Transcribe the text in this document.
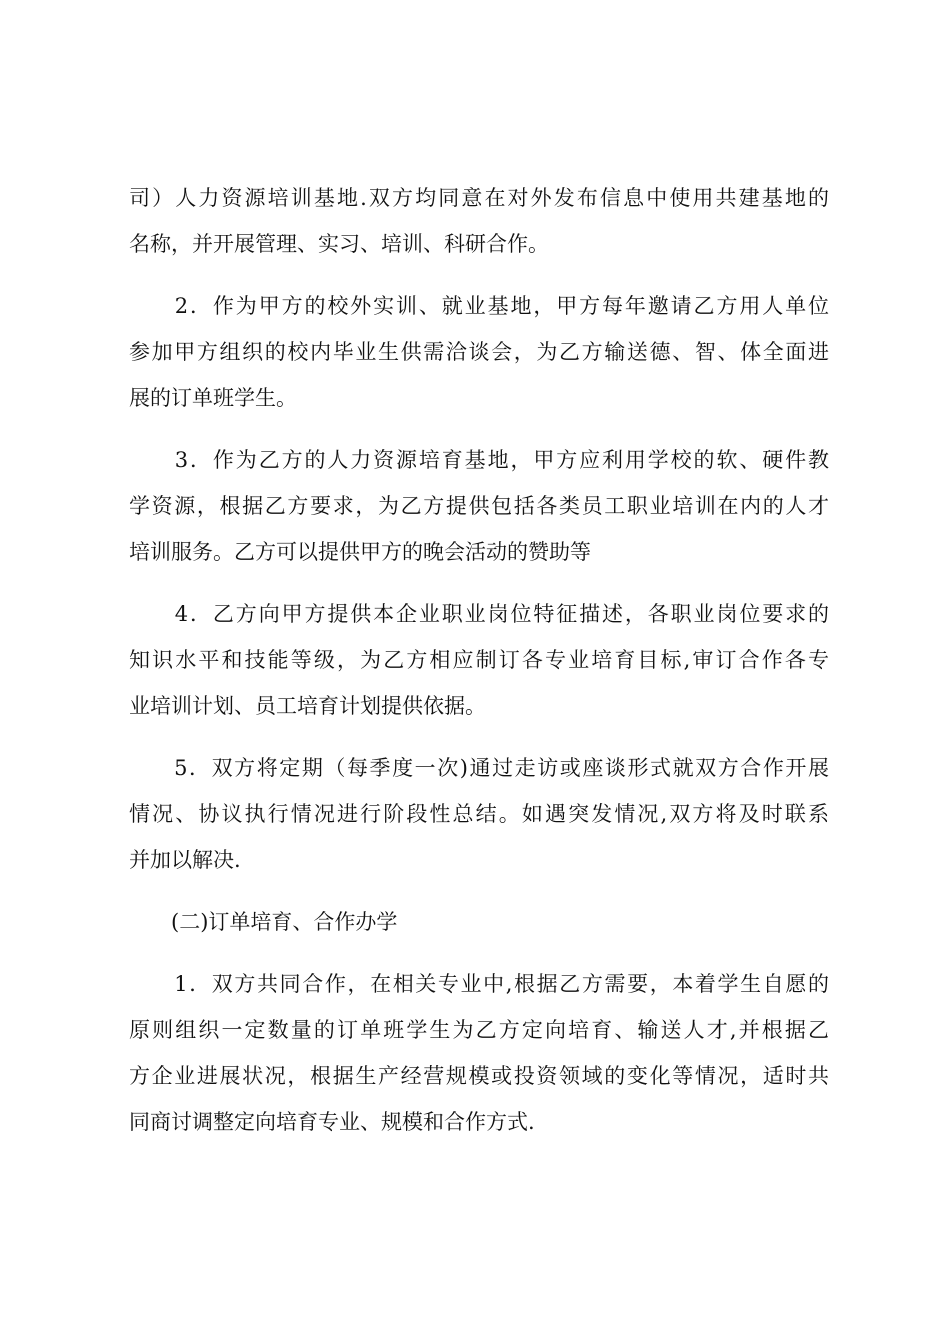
司）人力资源培训基地.双方均同意在对外发布信息中使用共建基地的
名称，并开展管理、实习、培训、科研合作。
　　2．作为甲方的校外实训、就业基地，甲方每年邀请乙方用人单位
参加甲方组织的校内毕业生供需洽谈会，为乙方输送德、智、体全面进
展的订单班学生。
　　3．作为乙方的人力资源培育基地，甲方应利用学校的软、硬件教
学资源，根据乙方要求，为乙方提供包括各类员工职业培训在内的人才
培训服务。乙方可以提供甲方的晚会活动的赞助等
　　4．乙方向甲方提供本企业职业岗位特征描述，各职业岗位要求的
知识水平和技能等级，为乙方相应制订各专业培育目标,审订合作各专
业培训计划、员工培育计划提供依据。
　　5．双方将定期（每季度一次)通过走访或座谈形式就双方合作开展
情况、协议执行情况进行阶段性总结。如遇突发情况,双方将及时联系
并加以解决.
　　(二)订单培育、合作办学
　　1．双方共同合作，在相关专业中,根据乙方需要，本着学生自愿的
原则组织一定数量的订单班学生为乙方定向培育、输送人才,并根据乙
方企业进展状况，根据生产经营规模或投资领域的变化等情况，适时共
同商讨调整定向培育专业、规模和合作方式.
